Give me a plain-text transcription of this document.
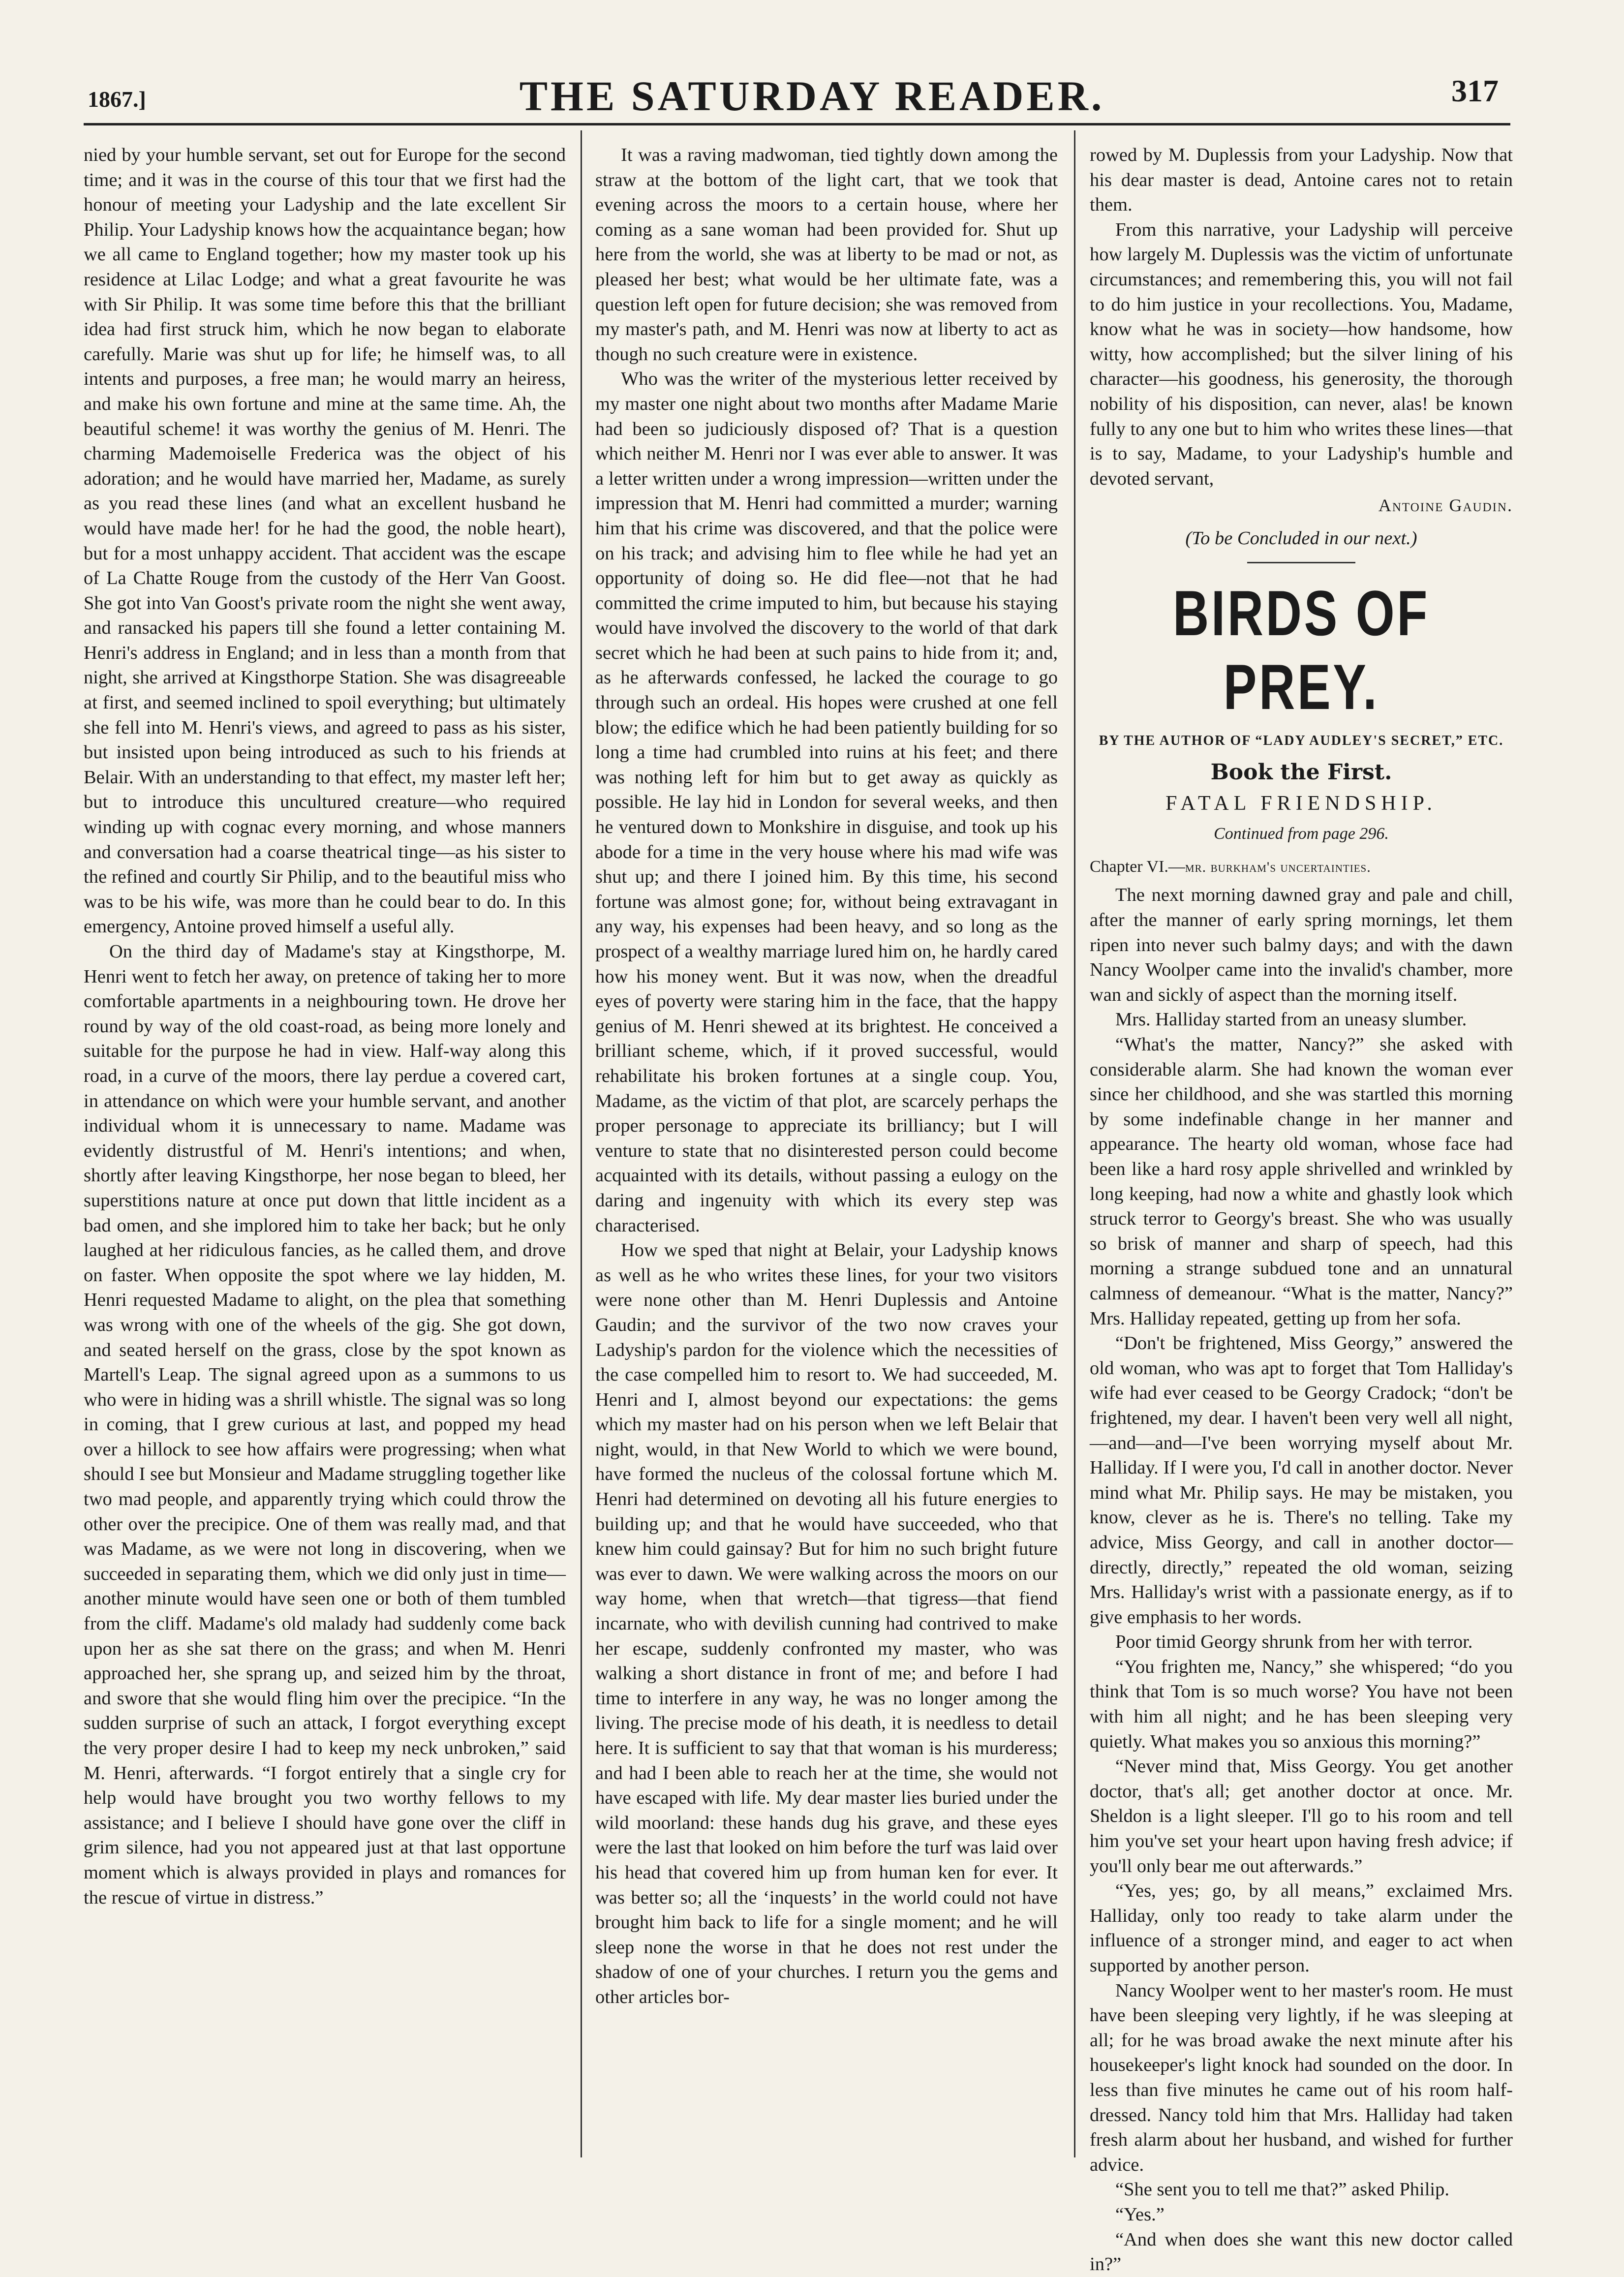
1867.]	THE SATURDAY READER.	317

nied by your humble servant, set out for Europe for the second time; and it was in the course of this tour that we first had the honour of meeting your Ladyship and the late excellent Sir Philip. Your Ladyship knows how the acquaintance began; how we all came to England together; how my master took up his residence at Lilac Lodge; and what a great favourite he was with Sir Philip. It was some time before this that the brilliant idea had first struck him, which he now began to elaborate carefully. Marie was shut up for life; he himself was, to all intents and purposes, a free man; he would marry an heiress, and make his own fortune and mine at the same time. Ah, the beautiful scheme! it was worthy the genius of M. Henri. The charming Mademoiselle Frederica was the object of his adoration; and he would have married her, Madame, as surely as you read these lines (and what an excellent husband he would have made her! for he had the good, the noble heart), but for a most unhappy accident. That accident was the escape of La Chatte Rouge from the custody of the Herr Van Goost. She got into Van Goost's private room the night she went away, and ransacked his papers till she found a letter containing M. Henri's address in England; and in less than a month from that night, she arrived at Kingsthorpe Station. She was disagreeable at first, and seemed inclined to spoil everything; but ultimately she fell into M. Henri's views, and agreed to pass as his sister, but insisted upon being introduced as such to his friends at Belair. With an understanding to that effect, my master left her; but to introduce this uncultured creature—who required winding up with cognac every morning, and whose manners and conversation had a coarse theatrical tinge—as his sister to the refined and courtly Sir Philip, and to the beautiful miss who was to be his wife, was more than he could bear to do. In this emergency, Antoine proved himself a useful ally.

On the third day of Madame's stay at Kingsthorpe, M. Henri went to fetch her away, on pretence of taking her to more comfortable apartments in a neighbouring town. He drove her round by way of the old coast-road, as being more lonely and suitable for the purpose he had in view. Half-way along this road, in a curve of the moors, there lay perdue a covered cart, in attendance on which were your humble servant, and another individual whom it is unnecessary to name. Madame was evidently distrustful of M. Henri's intentions; and when, shortly after leaving Kingsthorpe, her nose began to bleed, her superstitions nature at once put down that little incident as a bad omen, and she implored him to take her back; but he only laughed at her ridiculous fancies, as he called them, and drove on faster. When opposite the spot where we lay hidden, M. Henri requested Madame to alight, on the plea that something was wrong with one of the wheels of the gig. She got down, and seated herself on the grass, close by the spot known as Martell's Leap. The signal agreed upon as a summons to us who were in hiding was a shrill whistle. The signal was so long in coming, that I grew curious at last, and popped my head over a hillock to see how affairs were progressing; when what should I see but Monsieur and Madame struggling together like two mad people, and apparently trying which could throw the other over the precipice. One of them was really mad, and that was Madame, as we were not long in discovering, when we succeeded in separating them, which we did only just in time—another minute would have seen one or both of them tumbled from the cliff. Madame's old malady had suddenly come back upon her as she sat there on the grass; and when M. Henri approached her, she sprang up, and seized him by the throat, and swore that she would fling him over the precipice. “In the sudden surprise of such an attack, I forgot everything except the very proper desire I had to keep my neck unbroken,” said M. Henri, afterwards. “I forgot entirely that a single cry for help would have brought you two worthy fellows to my assistance; and I believe I should have gone over the cliff in grim silence, had you not appeared just at that last opportune moment which is always provided in plays and romances for the rescue of virtue in distress.”

It was a raving madwoman, tied tightly down among the straw at the bottom of the light cart, that we took that evening across the moors to a certain house, where her coming as a sane woman had been provided for. Shut up here from the world, she was at liberty to be mad or not, as pleased her best; what would be her ultimate fate, was a question left open for future decision; she was removed from my master's path, and M. Henri was now at liberty to act as though no such creature were in existence.

Who was the writer of the mysterious letter received by my master one night about two months after Madame Marie had been so judiciously disposed of? That is a question which neither M. Henri nor I was ever able to answer. It was a letter written under a wrong impression—written under the impression that M. Henri had committed a murder; warning him that his crime was discovered, and that the police were on his track; and advising him to flee while he had yet an opportunity of doing so. He did flee—not that he had committed the crime imputed to him, but because his staying would have involved the discovery to the world of that dark secret which he had been at such pains to hide from it; and, as he afterwards confessed, he lacked the courage to go through such an ordeal. His hopes were crushed at one fell blow; the edifice which he had been patiently building for so long a time had crumbled into ruins at his feet; and there was nothing left for him but to get away as quickly as possible. He lay hid in London for several weeks, and then he ventured down to Monkshire in disguise, and took up his abode for a time in the very house where his mad wife was shut up; and there I joined him. By this time, his second fortune was almost gone; for, without being extravagant in any way, his expenses had been heavy, and so long as the prospect of a wealthy marriage lured him on, he hardly cared how his money went. But it was now, when the dreadful eyes of poverty were staring him in the face, that the happy genius of M. Henri shewed at its brightest. He conceived a brilliant scheme, which, if it proved successful, would rehabilitate his broken fortunes at a single coup. You, Madame, as the victim of that plot, are scarcely perhaps the proper personage to appreciate its brilliancy; but I will venture to state that no disinterested person could become acquainted with its details, without passing a eulogy on the daring and ingenuity with which its every step was characterised.

How we sped that night at Belair, your Ladyship knows as well as he who writes these lines, for your two visitors were none other than M. Henri Duplessis and Antoine Gaudin; and the survivor of the two now craves your Ladyship's pardon for the violence which the necessities of the case compelled him to resort to. We had succeeded, M. Henri and I, almost beyond our expectations: the gems which my master had on his person when we left Belair that night, would, in that New World to which we were bound, have formed the nucleus of the colossal fortune which M. Henri had determined on devoting all his future energies to building up; and that he would have succeeded, who that knew him could gainsay? But for him no such bright future was ever to dawn. We were walking across the moors on our way home, when that wretch—that tigress—that fiend incarnate, who with devilish cunning had contrived to make her escape, suddenly confronted my master, who was walking a short distance in front of me; and before I had time to interfere in any way, he was no longer among the living. The precise mode of his death, it is needless to detail here. It is sufficient to say that that woman is his murderess; and had I been able to reach her at the time, she would not have escaped with life. My dear master lies buried under the wild moorland: these hands dug his grave, and these eyes were the last that looked on him before the turf was laid over his head that covered him up from human ken for ever. It was better so; all the ‘inquests’ in the world could not have brought him back to life for a single moment; and he will sleep none the worse in that he does not rest under the shadow of one of your churches. I return you the gems and other articles bor-

rowed by M. Duplessis from your Ladyship. Now that his dear master is dead, Antoine cares not to retain them.

From this narrative, your Ladyship will perceive how largely M. Duplessis was the victim of unfortunate circumstances; and remembering this, you will not fail to do him justice in your recollections. You, Madame, know what he was in society—how handsome, how witty, how accomplished; but the silver lining of his character—his goodness, his generosity, the thorough nobility of his disposition, can never, alas! be known fully to any one but to him who writes these lines—that is to say, Madame, to your Ladyship's humble and devoted servant,

Antoine Gaudin.
(To be Concluded in our next.)
BIRDS OF PREY.
BY THE AUTHOR OF “LADY AUDLEY'S SECRET,” ETC.
Book the First.
FATAL FRIENDSHIP.
Continued from page 296.
Chapter VI.—mr. burkham's uncertainties.

The next morning dawned gray and pale and chill, after the manner of early spring mornings, let them ripen into never such balmy days; and with the dawn Nancy Woolper came into the invalid's chamber, more wan and sickly of aspect than the morning itself.

Mrs. Halliday started from an uneasy slumber.

“What's the matter, Nancy?” she asked with considerable alarm. She had known the woman ever since her childhood, and she was startled this morning by some indefinable change in her manner and appearance. The hearty old woman, whose face had been like a hard rosy apple shrivelled and wrinkled by long keeping, had now a white and ghastly look which struck terror to Georgy's breast. She who was usually so brisk of manner and sharp of speech, had this morning a strange subdued tone and an unnatural calmness of demeanour. “What is the matter, Nancy?” Mrs. Halliday repeated, getting up from her sofa.

“Don't be frightened, Miss Georgy,” answered the old woman, who was apt to forget that Tom Halliday's wife had ever ceased to be Georgy Cradock; “don't be frightened, my dear. I haven't been very well all night,—and—and—I've been worrying myself about Mr. Halliday. If I were you, I'd call in another doctor. Never mind what Mr. Philip says. He may be mistaken, you know, clever as he is. There's no telling. Take my advice, Miss Georgy, and call in another doctor—directly, directly,” repeated the old woman, seizing Mrs. Halliday's wrist with a passionate energy, as if to give emphasis to her words.

Poor timid Georgy shrunk from her with terror.

“You frighten me, Nancy,” she whispered; “do you think that Tom is so much worse? You have not been with him all night; and he has been sleeping very quietly. What makes you so anxious this morning?”

“Never mind that, Miss Georgy. You get another doctor, that's all; get another doctor at once. Mr. Sheldon is a light sleeper. I'll go to his room and tell him you've set your heart upon having fresh advice; if you'll only bear me out afterwards.”

“Yes, yes; go, by all means,” exclaimed Mrs. Halliday, only too ready to take alarm under the influence of a stronger mind, and eager to act when supported by another person.

Nancy Woolper went to her master's room. He must have been sleeping very lightly, if he was sleeping at all; for he was broad awake the next minute after his housekeeper's light knock had sounded on the door. In less than five minutes he came out of his room half-dressed. Nancy told him that Mrs. Halliday had taken fresh alarm about her husband, and wished for further advice.

“She sent you to tell me that?” asked Philip.

“Yes.”

“And when does she want this new doctor called in?”
